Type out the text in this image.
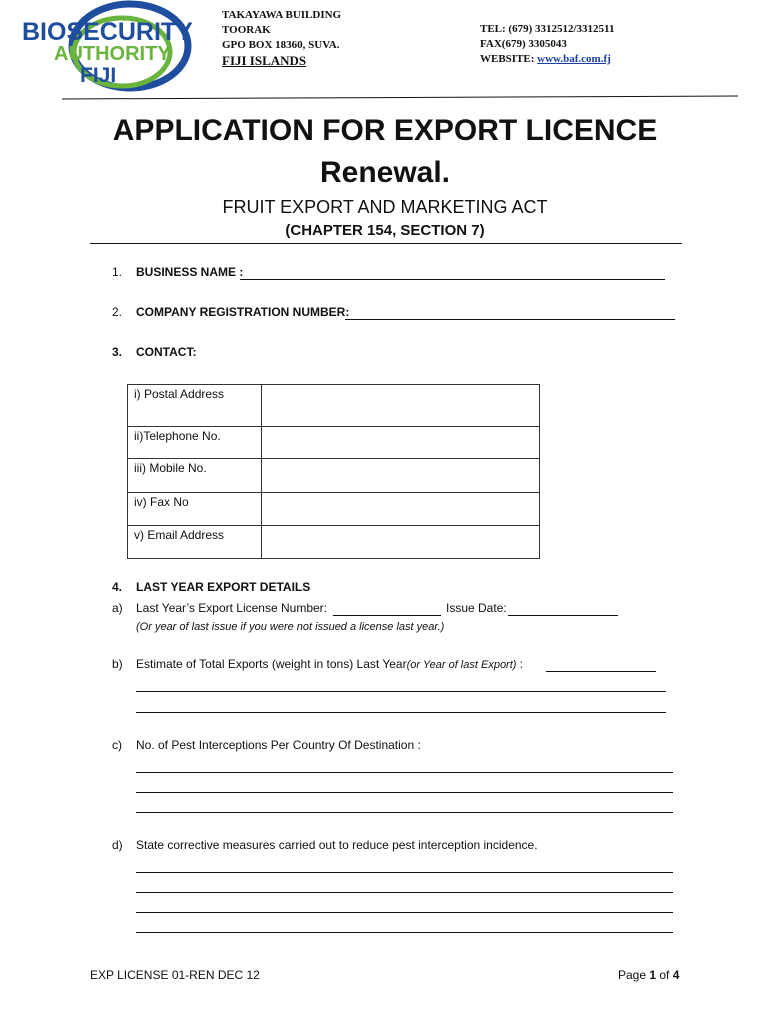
BIOSECURITY
AUTHORITY
FIJI
TAKAYAWA BUILDING
TOORAK
GPO BOX 18360, SUVA.
FIJI ISLANDS
TEL: (679) 3312512/3312511
FAX(679) 3305043
WEBSITE: www.baf.com.fj
APPLICATION FOR EXPORT LICENCE
Renewal.
FRUIT EXPORT AND MARKETING ACT
(CHAPTER 154, SECTION 7)
1. BUSINESS NAME :
2. COMPANY REGISTRATION NUMBER:
3. CONTACT:
i) Postal Address	
ii)Telephone No.	
iii) Mobile No.	
iv) Fax No	
v) Email Address	
4. LAST YEAR EXPORT DETAILS
a) Last Year’s Export License Number:	Issue Date:
(Or year of last issue if you were not issued a license last year.)
b) Estimate of Total Exports (weight in tons) Last Year(or Year of last Export) :
c) No. of Pest Interceptions Per Country Of Destination :
d) State corrective measures carried out to reduce pest interception incidence.
EXP LICENSE 01-REN DEC 12	Page 1 of 4
